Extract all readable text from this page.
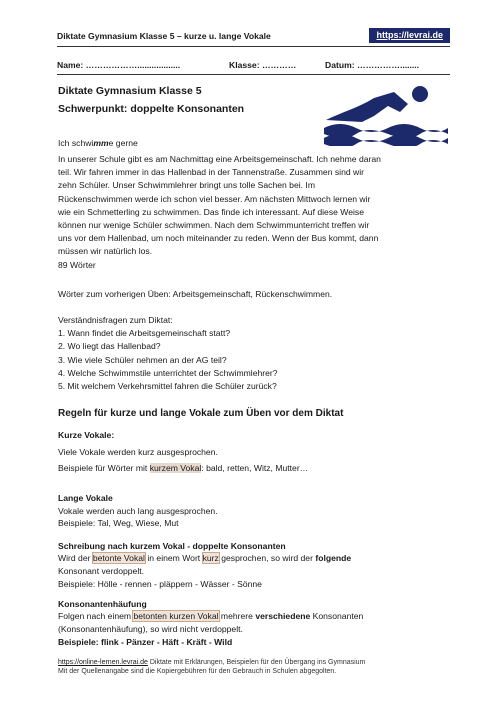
Diktate Gymnasium Klasse 5 – kurze u. lange Vokale	https://levrai.de
Name: ………………..................	Klasse: …………	Datum: ……………........
Diktate Gymnasium Klasse 5
Schwerpunkt: doppelte Konsonanten
Ich schwimme gerne

In unserer Schule gibt es am Nachmittag eine Arbeitsgemeinschaft. Ich nehme daran

teil. Wir fahren immer in das Hallenbad in der Tannenstraße. Zusammen sind wir

zehn Schüler. Unser Schwimmlehrer bringt uns tolle Sachen bei. Im

Rückenschwimmen werde ich schon viel besser. Am nächsten Mittwoch lernen wir

wie ein Schmetterling zu schwimmen. Das finde ich interessant. Auf diese Weise

können nur wenige Schüler schwimmen. Nach dem Schwimmunterricht treffen wir

uns vor dem Hallenbad, um noch miteinander zu reden. Wenn der Bus kommt, dann

müssen wir natürlich los.

89 Wörter

Wörter zum vorherigen Üben: Arbeitsgemeinschaft, Rückenschwimmen.

Verständnisfragen zum Diktat:

1. Wann findet die Arbeitsgemeinschaft statt?

2. Wo liegt das Hallenbad?

3. Wie viele Schüler nehmen an der AG teil?

4. Welche Schwimmstile unterrichtet der Schwimmlehrer?

5. Mit welchem Verkehrsmittel fahren die Schüler zurück?

Regeln für kurze und lange Vokale zum Üben vor dem Diktat
Kurze Vokale:
Viele Vokale werden kurz ausgesprochen.
Beispiele für Wörter mit kurzem Vokal: bald, retten, Witz, Mutter…
Lange Vokale
Vokale werden auch lang ausgesprochen.
Beispiele: Tal, Weg, Wiese, Mut
Schreibung nach kurzem Vokal - doppelte Konsonanten

Wird der betonte Vokal in einem Wort kurz gesprochen, so wird der folgende

Konsonant verdoppelt.

Beispiele: Hölle - rennen - pläppern - Wässer - Sönne

Konsonantenhäufung

Folgen nach einem betonten kurzen Vokal mehrere verschiedene Konsonanten

(Konsonantenhäufung), so wird nicht verdoppelt.

Beispiele: flink - Pänzer - Häft - Kräft - Wild

https://online-lernen.levrai.de Diktate mit Erklärungen, Beispielen für den Übergang ins Gymnasium
Mit der Quellenangabe sind die Kopiergebühren für den Gebrauch in Schulen abgegolten.
